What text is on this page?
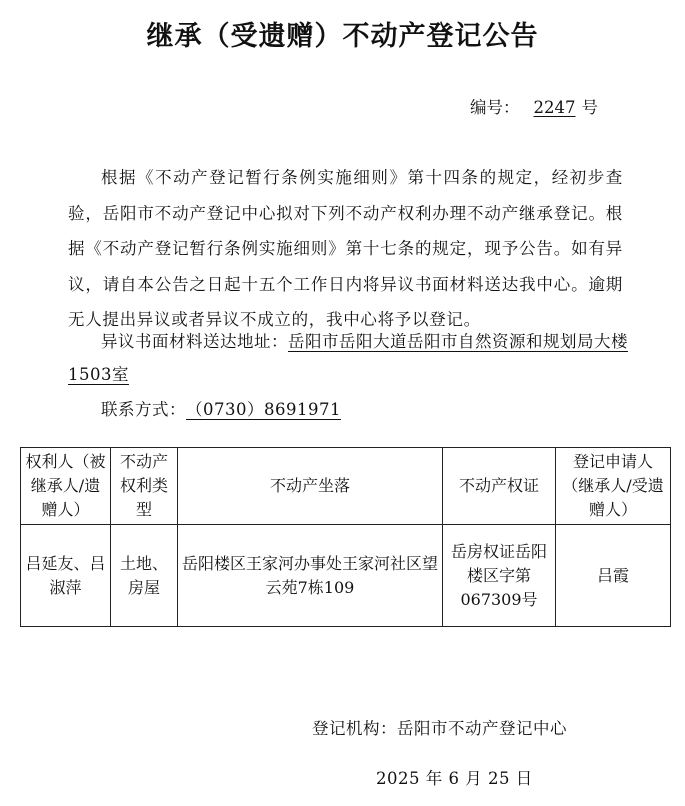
继承（受遗赠）不动产登记公告
编号： 2247 号

根据《不动产登记暂行条例实施细则》第十四条的规定，经初步查验，岳阳市不动产登记中心拟对下列不动产权利办理不动产继承登记。根据《不动产登记暂行条例实施细则》第十七条的规定，现予公告。如有异议，请自本公告之日起十五个工作日内将异议书面材料送达我中心。逾期无人提出异议或者异议不成立的，我中心将予以登记。

异议书面材料送达地址：岳阳市岳阳大道岳阳市自然资源和规划局大楼1503室

联系方式：（0730）8691971
权利人（被继承人/遗赠人）	不动产权利类型	不动产坐落	不动产权证	登记申请人（继承人/受遗赠人）
吕延友、吕淑萍	土地、房屋	岳阳楼区王家河办事处王家河社区望云苑7栋109	岳房权证岳阳楼区字第067309号	吕霞
登记机构：岳阳市不动产登记中心
2025 年 6 月 25 日
